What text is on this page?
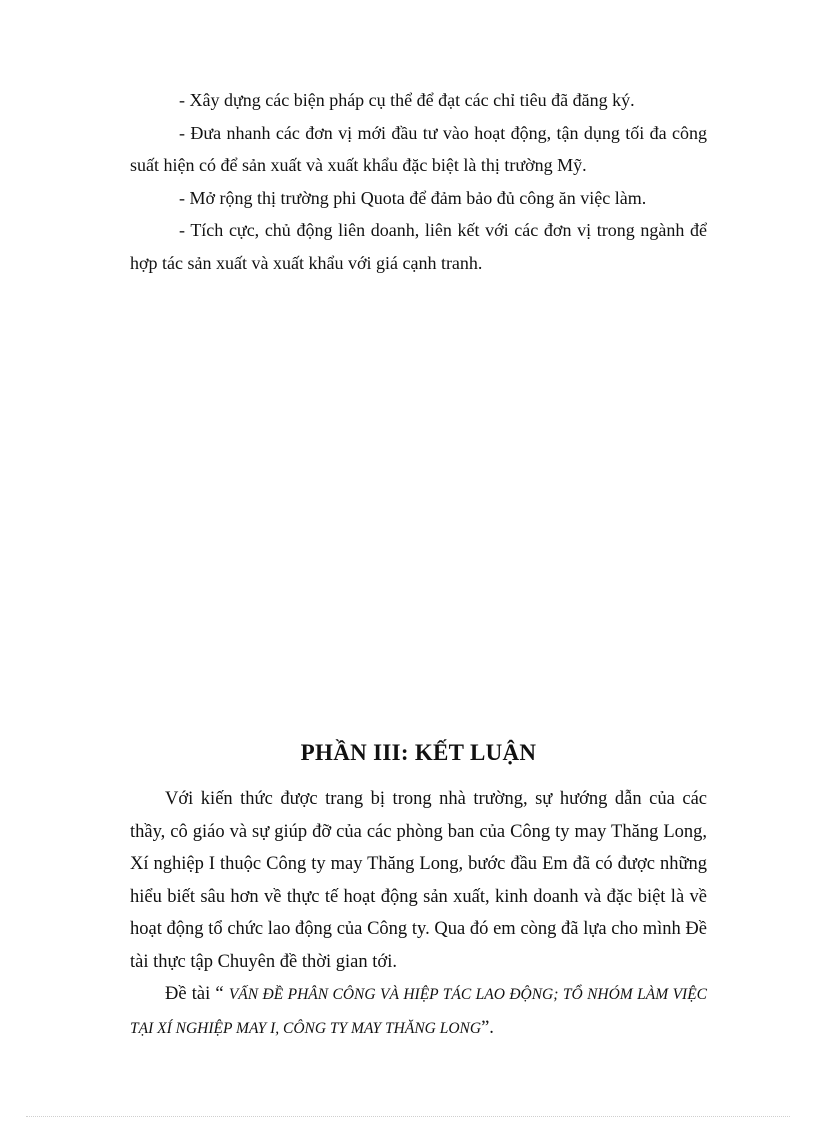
- Xây dựng các biện pháp cụ thể để đạt các chỉ tiêu đã đăng ký.

- Đưa nhanh các đơn vị mới đầu tư vào hoạt động, tận dụng tối đa công suất hiện có để sản xuất và xuất khẩu đặc biệt là thị trường Mỹ.

- Mở rộng thị trường phi Quota để đảm bảo đủ công ăn việc làm.

- Tích cực, chủ động liên doanh, liên kết với các đơn vị trong ngành để hợp tác sản xuất và xuất khẩu với giá cạnh tranh.

PHẦN III: KẾT LUẬN

Với kiến thức được trang bị trong nhà trường, sự hướng dẫn của các thầy, cô giáo và sự giúp đỡ của các phòng ban của Công ty may Thăng Long, Xí nghiệp I thuộc Công ty may Thăng Long, bước đầu Em đã có được những hiểu biết sâu hơn về thực tế hoạt động sản xuất, kinh doanh và đặc biệt là về hoạt động tổ chức lao động của Công ty. Qua đó em còng đã lựa cho mình Đề tài thực tập Chuyên đề thời gian tới.

Đề tài “ VẤN ĐỀ PHÂN CÔNG VÀ HIỆP TÁC LAO ĐỘNG; TỔ NHÓM LÀM VIỆC TẠI XÍ NGHIỆP MAY I, CÔNG TY MAY THĂNG LONG”.
